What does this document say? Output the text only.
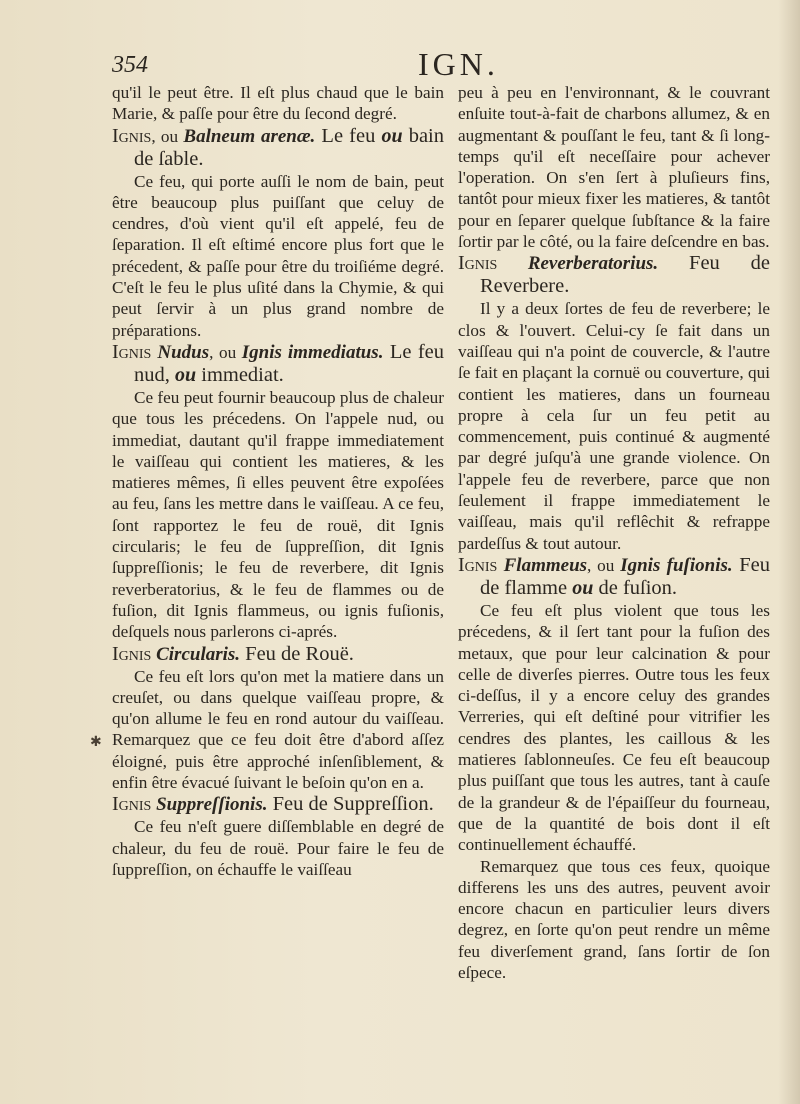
354	IGN.

qu'il le peut être. Il eſt plus chaud que le bain Marie, & paſſe pour être du ſecond degré.

Ignis, ou Balneum arenæ. Le feu ou bain de ſable.

Ce feu, qui porte auſſi le nom de bain, peut être beaucoup plus puiſſant que celuy de cendres, d'où vient qu'il eſt appelé, feu de ſeparation. Il eſt eſtimé encore plus fort que le précedent, & paſſe pour être du troiſiéme degré. C'eſt le feu le plus uſité dans la Chymie, & qui peut ſervir à un plus grand nombre de préparations.

Ignis Nudus, ou Ignis immediatus. Le feu nud, ou immediat.

Ce feu peut fournir beaucoup plus de chaleur que tous les précedens. On l'appele nud, ou immediat, dautant qu'il frappe immediatement le vaiſſeau qui contient les matieres, & les matieres mêmes, ſi elles peuvent être expoſées au feu, ſans les mettre dans le vaiſſeau. A ce feu, ſont rapportez le feu de rouë, dit Ignis circularis; le feu de ſuppreſſion, dit Ignis ſuppreſſionis; le feu de reverbere, dit Ignis reverberatorius, & le feu de flammes ou de fuſion, dit Ignis flammeus, ou ignis fuſionis, deſquels nous parlerons ci-aprés.

Ignis Circularis. Feu de Rouë.

Ce feu eſt lors qu'on met la matiere dans un creuſet, ou dans quelque vaiſſeau propre, & qu'on allume le feu en rond autour du vaiſſeau. Remarquez que ce feu doit être d'abord aſſez éloigné, puis être approché inſenſiblement, & enfin être évacué ſuivant le beſoin qu'on en a.

Ignis Suppreſſionis. Feu de Suppreſſion.

Ce feu n'eſt guere diſſemblable en degré de chaleur, du feu de rouë. Pour faire le feu de ſuppreſſion, on échauffe le vaiſſeau

peu à peu en l'environnant, & le couvrant enſuite tout-à-fait de charbons allumez, & en augmentant & pouſſant le feu, tant & ſi long-temps qu'il eſt neceſſaire pour achever l'operation. On s'en ſert à pluſieurs fins, tantôt pour mieux fixer les matieres, & tantôt pour en ſeparer quelque ſubſtance & la faire ſortir par le côté, ou la faire deſcendre en bas.

Ignis Reverberatorius. Feu de Reverbere.

Il y a deux ſortes de feu de reverbere; le clos & l'ouvert. Celui-cy ſe fait dans un vaiſſeau qui n'a point de couvercle, & l'autre ſe fait en plaçant la cornuë ou couverture, qui contient les matieres, dans un fourneau propre à cela ſur un feu petit au commencement, puis continué & augmenté par degré juſqu'à une grande violence. On l'appele feu de reverbere, parce que non ſeulement il frappe immediatement le vaiſſeau, mais qu'il reflêchit & refrappe pardeſſus & tout autour.

Ignis Flammeus, ou Ignis fuſionis. Feu de flamme ou de fuſion.

Ce feu eſt plus violent que tous les précedens, & il ſert tant pour la fuſion des metaux, que pour leur calcination & pour celle de diverſes pierres. Outre tous les feux ci-deſſus, il y a encore celuy des grandes Verreries, qui eſt deſtiné pour vitrifier les cendres des plantes, les caillous & les matieres ſablonneuſes. Ce feu eſt beaucoup plus puiſſant que tous les autres, tant à cauſe de la grandeur & de l'épaiſſeur du fourneau, que de la quantité de bois dont il eſt continuellement échauffé.

Remarquez que tous ces feux, quoique differens les uns des autres, peuvent avoir encore chacun en particulier leurs divers degrez, en ſorte qu'on peut rendre un même feu diverſement grand, ſans ſortir de ſon eſpece.

✱
